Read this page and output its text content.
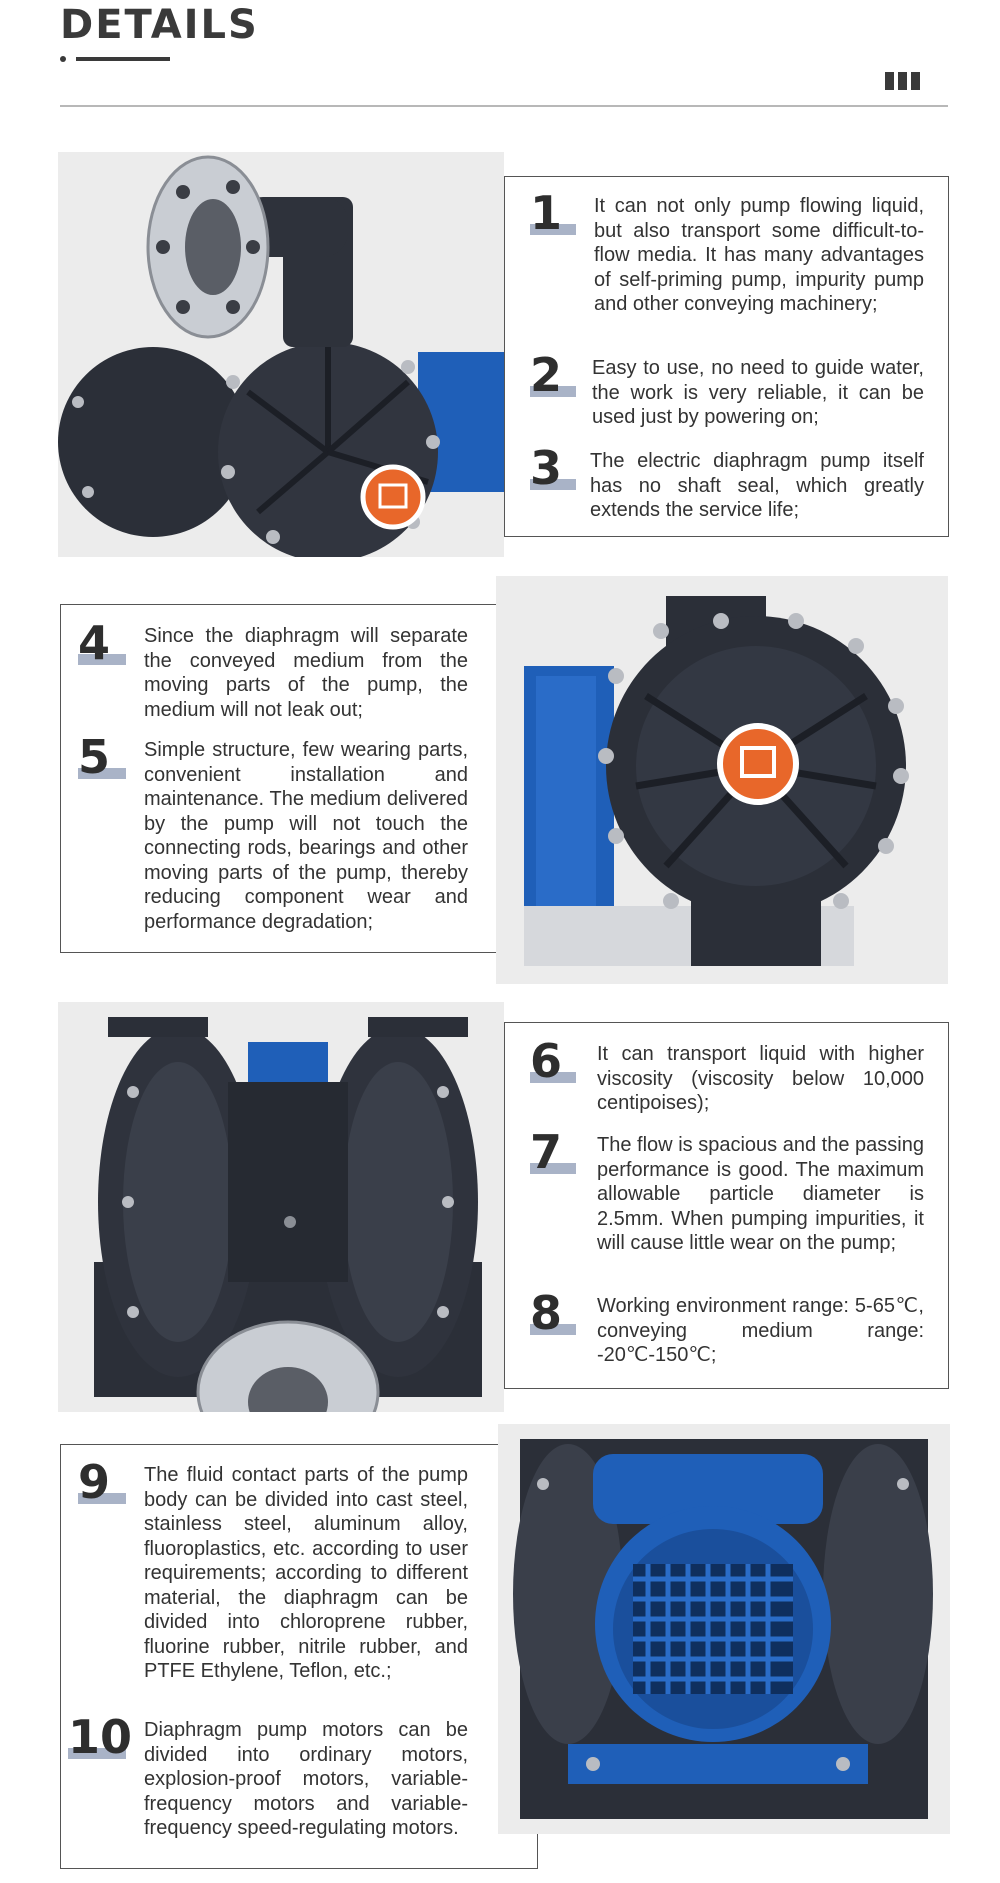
DETAILS
1 It can not only pump flowing liquid, but also transport some difficult-to-flow media. It has many advantages of self-priming pump, impurity pump and other conveying machinery;
2 Easy to use, no need to guide water, the work is very reliable, it can be used just by powering on;
3 The electric diaphragm pump itself has no shaft seal, which greatly extends the service life;
4 Since the diaphragm will separate the conveyed medium from the moving parts of the pump, the medium will not leak out;
5 Simple structure, few wearing parts, convenient installation and maintenance. The medium delivered by the pump will not touch the connecting rods, bearings and other moving parts of the pump, thereby reducing component wear and performance degradation;
6 It can transport liquid with higher viscosity (viscosity below 10,000 centipoises);
7 The flow is spacious and the passing performance is good. The maximum allowable particle diameter is 2.5mm. When pumping impurities, it will cause little wear on the pump;
8 Working environment range: 5-65℃, conveying medium range: -20℃-150℃;
9 The fluid contact parts of the pump body can be divided into cast steel, stainless steel, aluminum alloy, fluoroplastics, etc. according to user requirements; according to different material, the diaphragm can be divided into chloroprene rubber, fluorine rubber, nitrile rubber, and PTFE Ethylene, Teflon, etc.;
10 Diaphragm pump motors can be divided into ordinary motors, explosion-proof motors, variable-frequency motors and variable-frequency speed-regulating motors.
